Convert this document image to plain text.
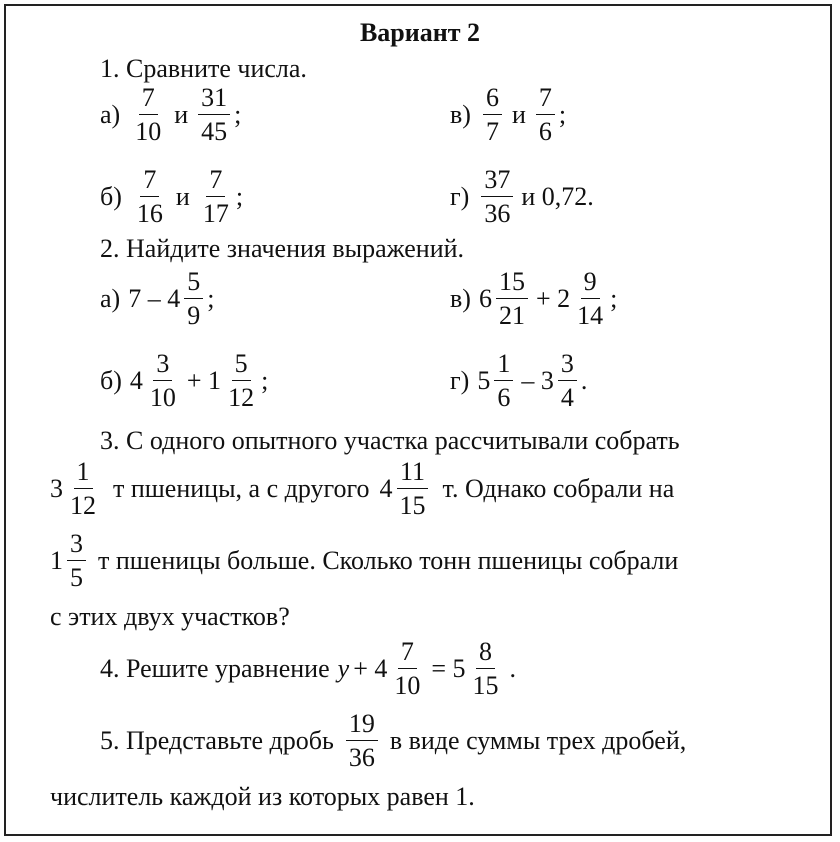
Вариант 2
1. Сравните числа.
$а) \frac{7}{10}$ и $\frac{31}{45}$ ;	$в) \frac{6}{7}$ и $\frac{7}{6}$ ;
$б) \frac{7}{16}$ и $\frac{7}{17}$ ;	$г) \frac{37}{36}$ и 0,72.
2. Найдите значения выражений.
а) $7 - 4 \frac{5}{9}$ ;	в) $6 \frac{15}{21} + 2 \frac{9}{14}$ ;
б) $4 \frac{3}{10} + 1 \frac{5}{12}$ ;	г) $5 \frac{1}{6} - 3 \frac{3}{4}$ .
3. С одного опытного участка рассчитывали собрать
$3 \frac{1}{12}$ т пшеницы, а с другого $4 \frac{11}{15} т$. Однако собрали на
$1 \frac{3}{5}$ т пшеницы больше. Сколько тонн пшеницы собрали
с этих двух участков?
4. Решите уравнение $y + 4 \frac{7}{10} = 5 \frac{8}{15}$ .
5. Представьте дробь $\frac{19}{36}$ в виде суммы трех дробей,
числитель каждой из которых равен 1.
